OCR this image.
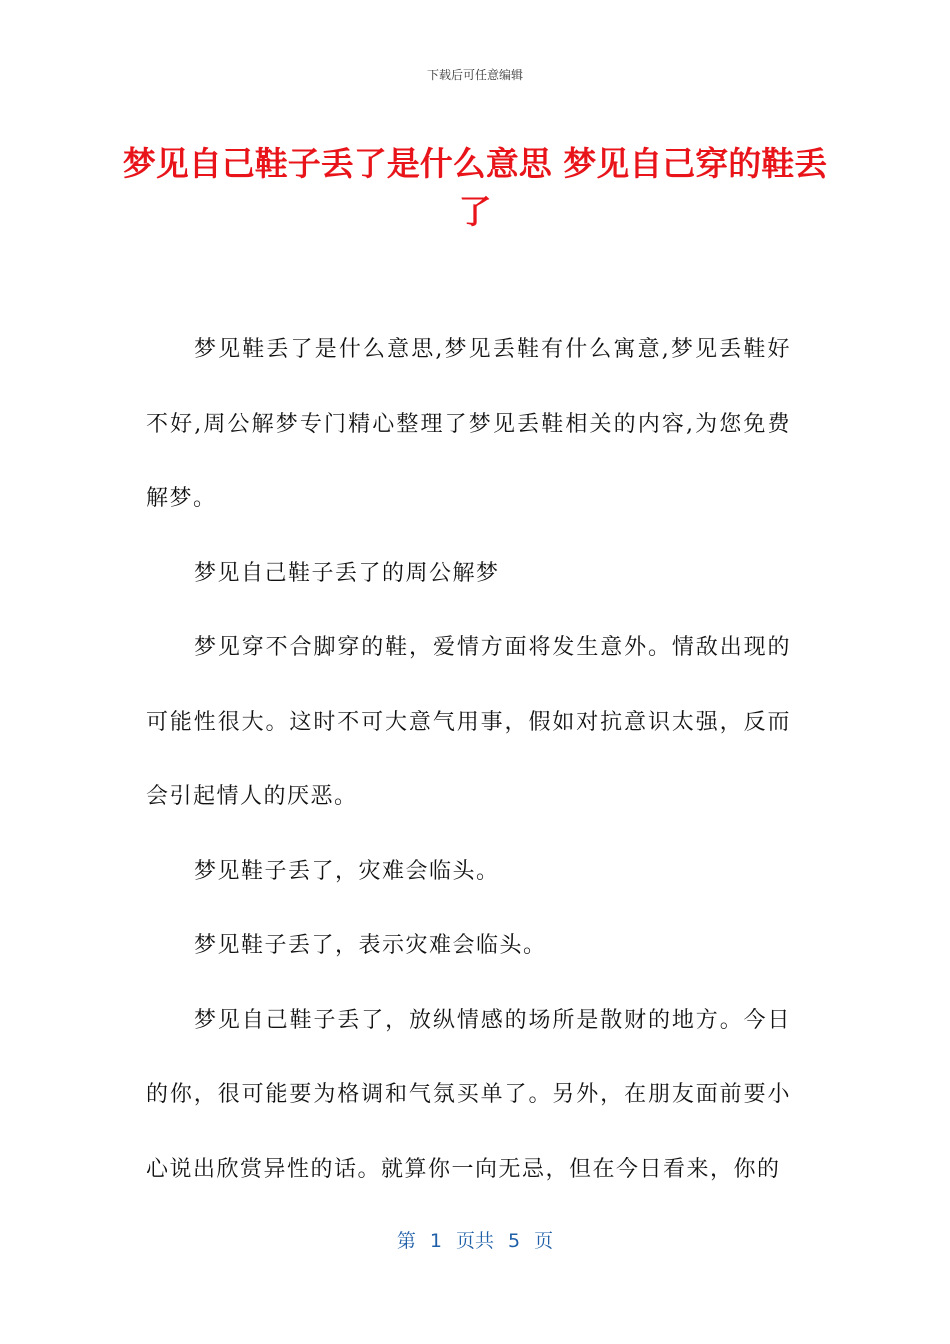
下载后可任意编辑
梦见自己鞋子丢了是什么意思 梦见自己穿的鞋丢了

梦见鞋丢了是什么意思,梦见丢鞋有什么寓意,梦见丢鞋好不好,周公解梦专门精心整理了梦见丢鞋相关的内容,为您免费解梦。

梦见自己鞋子丢了的周公解梦

梦见穿不合脚穿的鞋，爱情方面将发生意外。情敌出现的可能性很大。这时不可大意气用事，假如对抗意识太强，反而会引起情人的厌恶。

梦见鞋子丢了，灾难会临头。

梦见鞋子丢了，表示灾难会临头。

梦见自己鞋子丢了，放纵情感的场所是散财的地方。今日的你，很可能要为格调和气氛买单了。另外，在朋友面前要小心说出欣赏异性的话。就算你一向无忌，但在今日看来，你的

第 1 页共 5 页
